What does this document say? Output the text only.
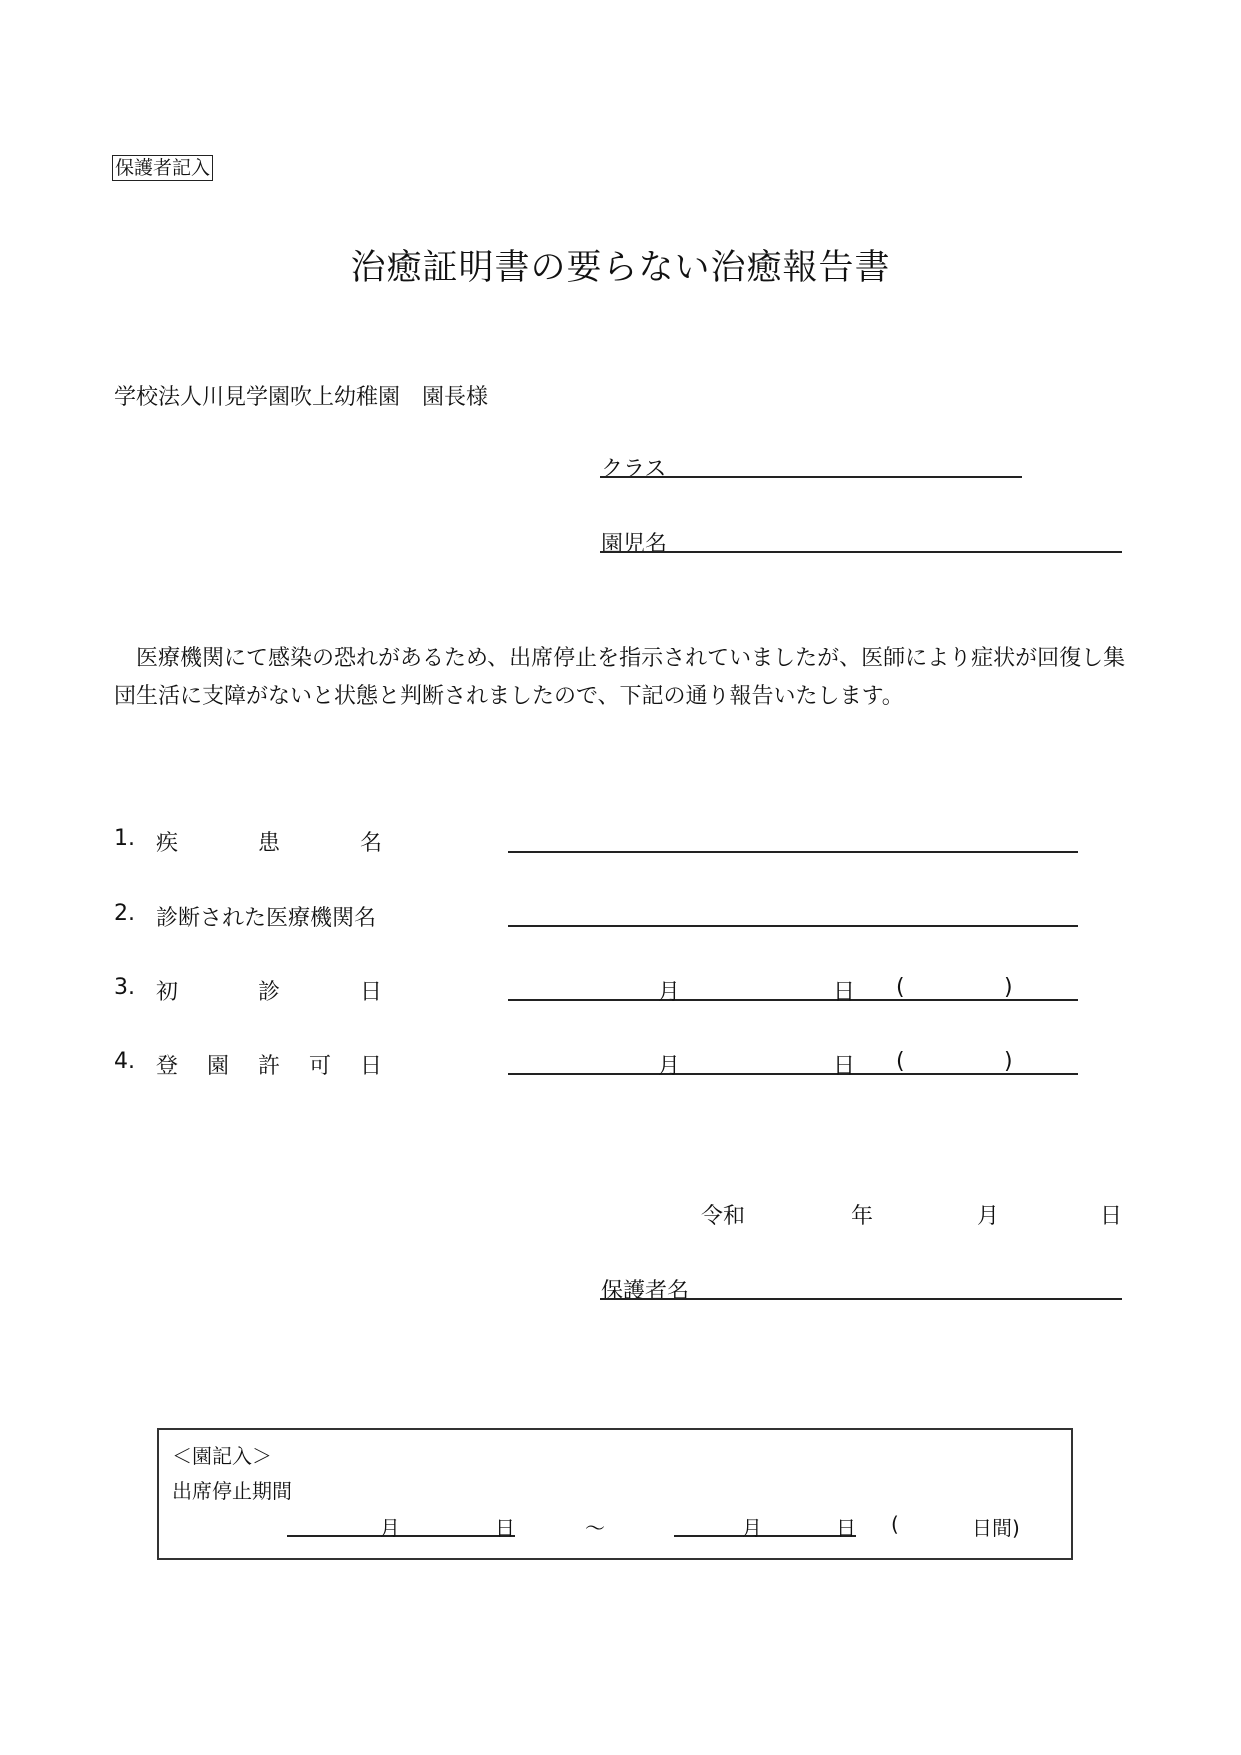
保護者記入
治癒証明書の要らない治癒報告書
学校法人川見学園吹上幼稚園　園長様
クラス
園児名
　医療機関にて感染の恐れがあるため、出席停止を指示されていましたが、医師により症状が回復し集団生活に支障がないと状態と判断されましたので、下記の通り報告いたします。
1. 疾	患	名
2. 診断された医療機関名
3. 初	診	日	月	日 (	)
4. 登 園 許 可 日	月	日 (	)
令和	年	月	日
保護者名
＜園記入＞
出席停止期間
月	日	～	月	日 (	日間)
